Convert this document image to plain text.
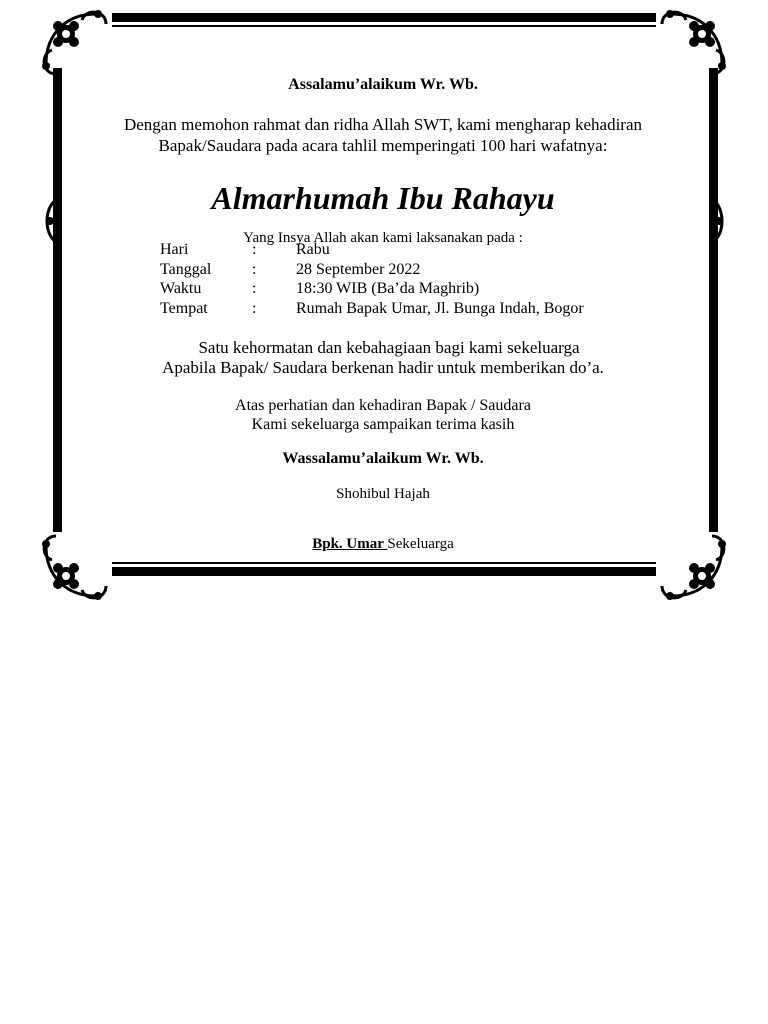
Assalamu’alaikum Wr. Wb.

Dengan memohon rahmat dan ridha Allah SWT, kami mengharap kehadiran
Bapak/Saudara pada acara tahlil memperingati 100 hari wafatnya:

Almarhumah Ibu Rahayu

Yang Insya Allah akan kami laksanakan pada :

Hari	: Rabu
Tanggal	: 28 September 2022
Waktu	: 18:30 WIB (Ba’da Maghrib)
Tempat	: Rumah Bapak Umar, Jl. Bunga Indah, Bogor
Satu kehormatan dan kebahagiaan bagi kami sekeluarga
Apabila Bapak/ Saudara berkenan hadir untuk memberikan do’a.
Atas perhatian dan kehadiran Bapak / Saudara
Kami sekeluarga sampaikan terima kasih
Wassalamu’alaikum Wr. Wb.
Shohibul Hajah
Bpk. Umar Sekeluarga
